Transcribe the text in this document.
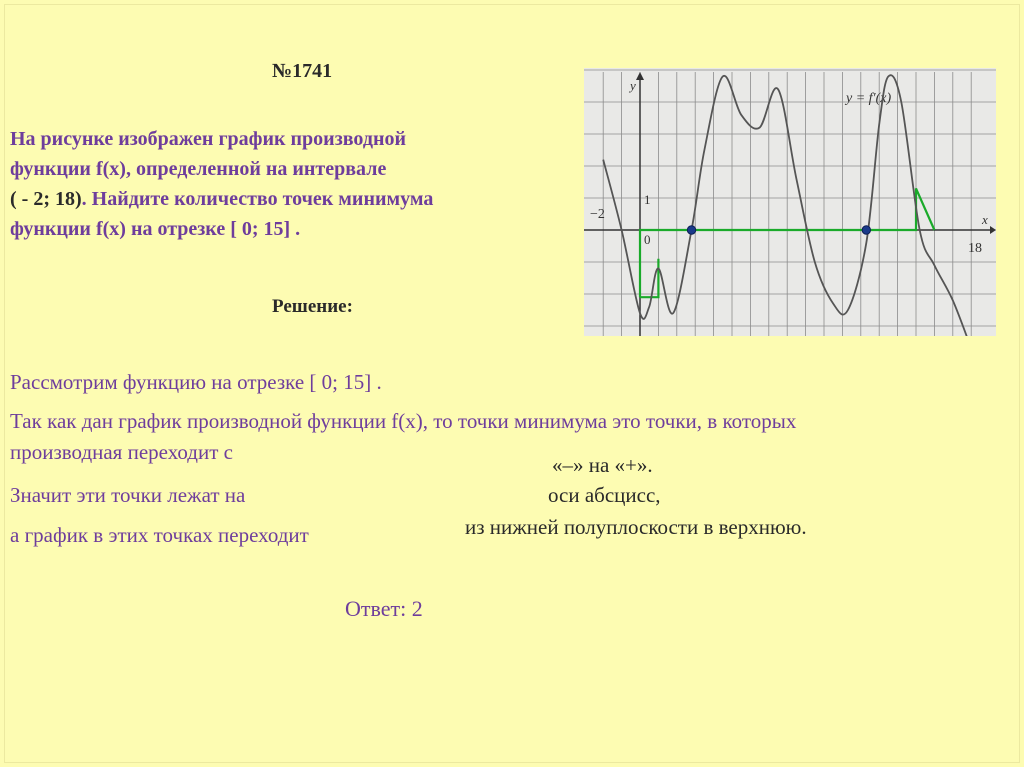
№1741
На рисунке изображен график производной
функции f(x), определенной на интервале
( - 2; 18). Найдите количество точек минимума
функции f(x) на отрезке [ 0; 15] .
Решение:
Рассмотрим функцию на отрезке [ 0; 15] .
Так как дан график производной функции f(x), то точки минимума это точки, в которых
производная переходит с
«–» на «+».
Значит эти точки лежат на	оси абсцисс,
а график в этих точках переходит	из нижней полуплоскости в верхнюю.
Ответ: 2
y
x
y = f′(x)
−2
1
0
18
